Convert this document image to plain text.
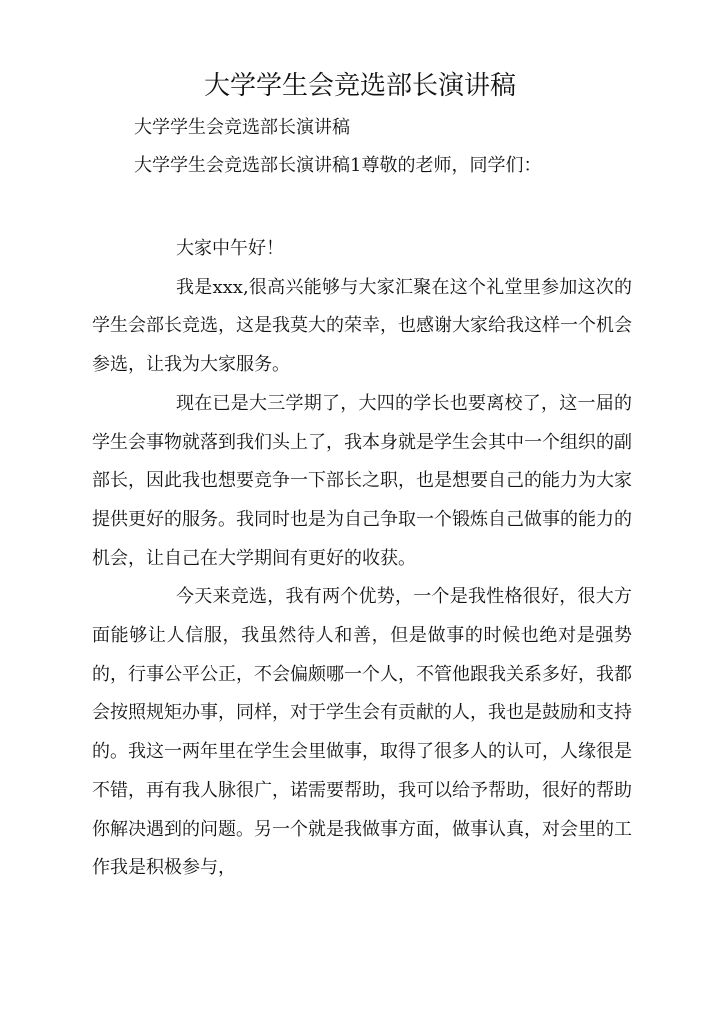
大学学生会竞选部长演讲稿
大学学生会竞选部长演讲稿
大学学生会竞选部长演讲稿1尊敬的老师，同学们：

大家中午好！

我是xxx,很高兴能够与大家汇聚在这个礼堂里参加这次的学生会部长竞选，这是我莫大的荣幸，也感谢大家给我这样一个机会参选，让我为大家服务。

现在已是大三学期了，大四的学长也要离校了，这一届的学生会事物就落到我们头上了，我本身就是学生会其中一个组织的副部长，因此我也想要竞争一下部长之职，也是想要自己的能力为大家提供更好的服务。我同时也是为自己争取一个锻炼自己做事的能力的机会，让自己在大学期间有更好的收获。

今天来竞选，我有两个优势，一个是我性格很好，很大方面能够让人信服，我虽然待人和善，但是做事的时候也绝对是强势的，行事公平公正，不会偏颇哪一个人，不管他跟我关系多好，我都会按照规矩办事，同样，对于学生会有贡献的人，我也是鼓励和支持的。我这一两年里在学生会里做事，取得了很多人的认可，人缘很是不错，再有我人脉很广，诺需要帮助，我可以给予帮助，很好的帮助你解决遇到的问题。另一个就是我做事方面，做事认真，对会里的工作我是积极参与，
